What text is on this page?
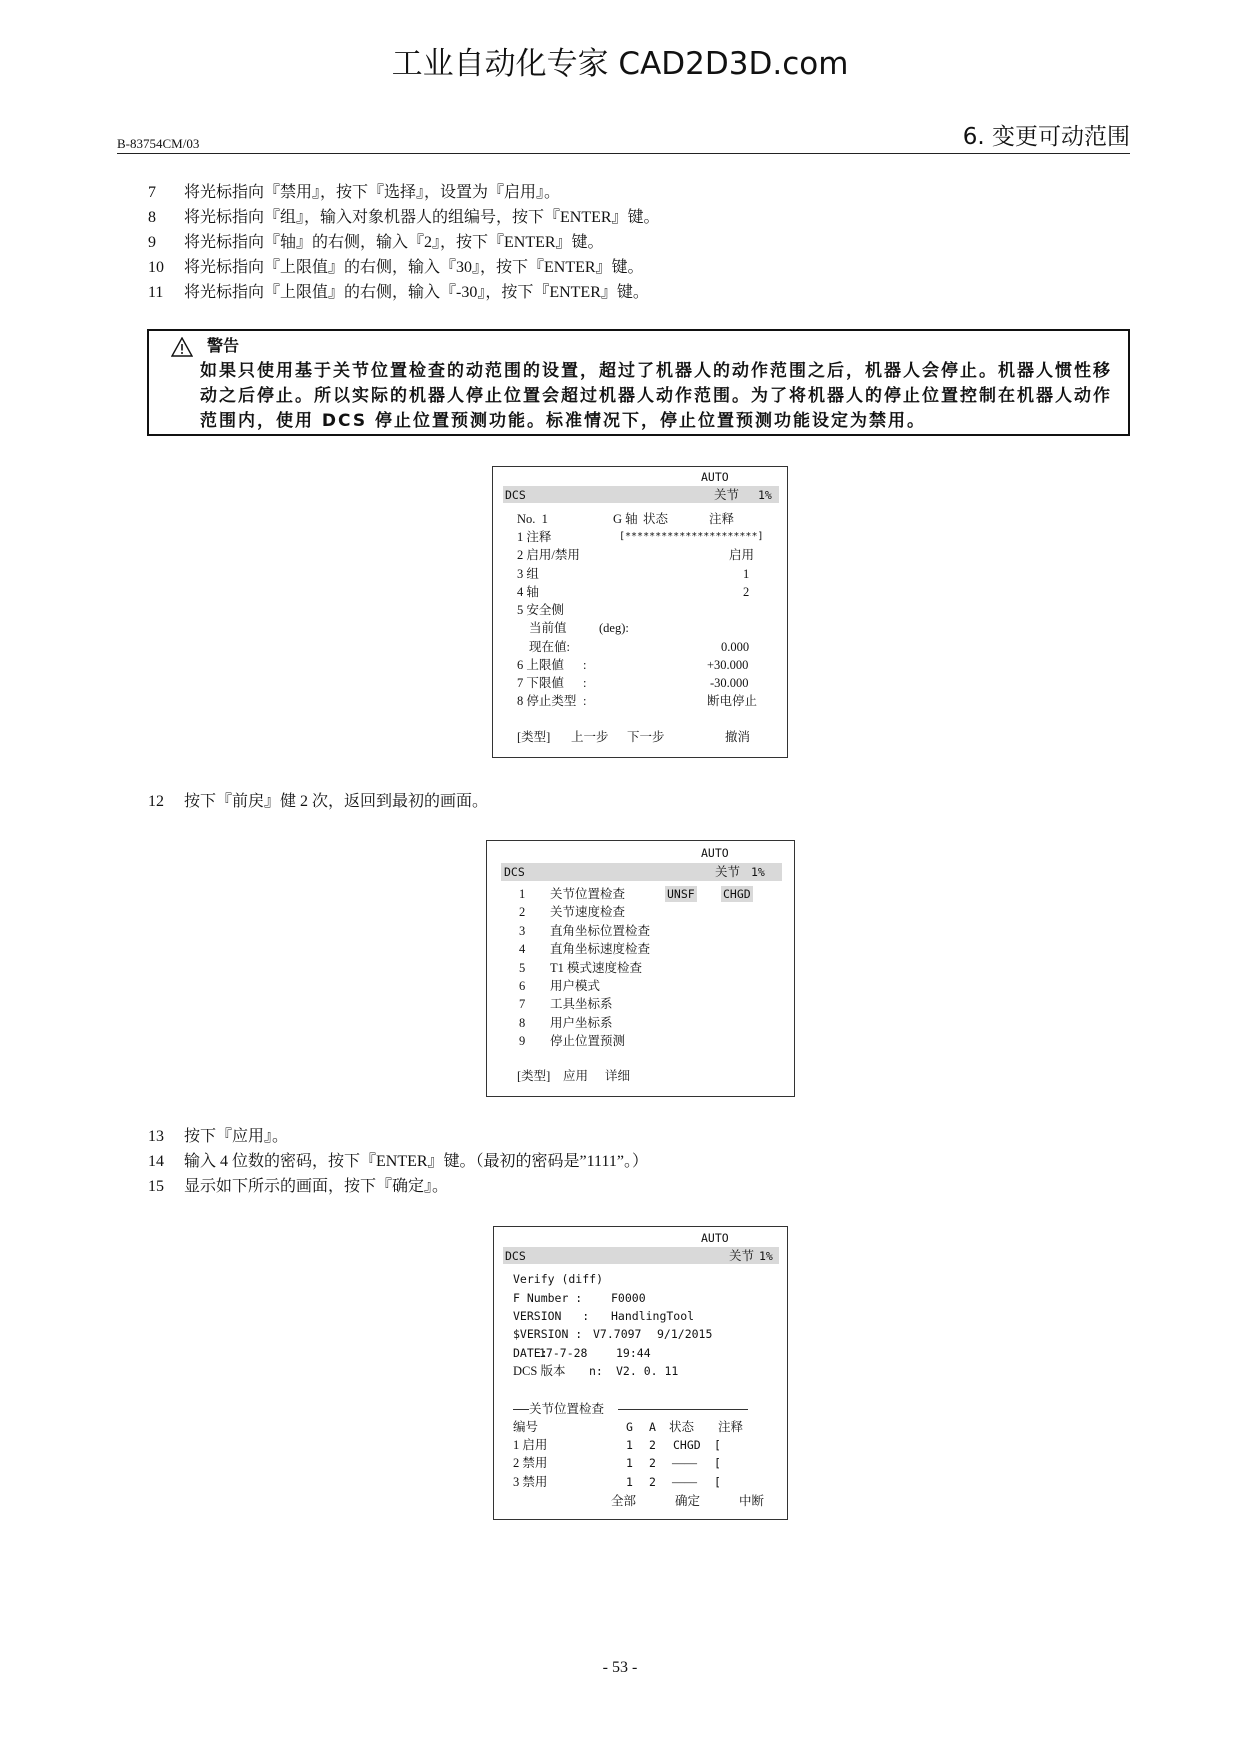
工业自动化专家 CAD2D3D.com
B-83754CM/03	6. 变更可动范围
7 将光标指向『禁用』，按下『选择』，设置为『启用』。
8 将光标指向『组』，输入对象机器人的组编号，按下『ENTER』键。
9 将光标指向『轴』的右侧，输入『2』，按下『ENTER』键。
10 将光标指向『上限值』的右侧，输入『30』，按下『ENTER』键。
11 将光标指向『上限值』的右侧，输入『-30』，按下『ENTER』键。
警告
如果只使用基于关节位置检查的动范围的设置，超过了机器人的动作范围之后，机器人会停止。机器人惯性移
动之后停止。所以实际的机器人停止位置会超过机器人动作范围。为了将机器人的停止位置控制在机器人动作
范围内，使用 DCS 停止位置预测功能。标准情况下，停止位置预测功能设定为禁用。
AUTO
DCS	关节 1%
No.  1	G 轴 状态	注释
1 注释	[**********************]
2 启用/禁用	启用
3 组	1
4 轴	2
5 安全侧
当前值	(deg):
现在値:	0.000
6 上限値 :	+30.000
7 下限値 :	-30.000
8 停止类型 :	断电停止
[类型] 上一步 下一步	撤消
12 按下『前戻』健 2 次，返回到最初的画面。
AUTO
DCS	关节 1%
1 关节位置检查	UNSF CHGD
2 关节速度检查
3 直角坐标位置检查
4 直角坐标速度检查
5 T1 模式速度检查
6 用户模式
7 工具坐标系
8 用户坐标系
9 停止位置预测
[类型] 应用 详细
13 按下『应用』。
14 输入 4 位数的密码，按下『ENTER』键。（最初的密码是”1111”。）
15 显示如下所示的画面，按下『确定』。
AUTO
DCS	关节 1%
Verify (diff)
F Number :	F0000
VERSION   : HandlingTool
$VERSION : V7.7097 9/1/2015
DATE:
17-7-28 19:44
DCS 版本 n: V2. 0. 11
关节位置检查
编号	G A 状态 注释
1 启用	1 2 CHGD [
2 禁用	1 2 —— [
3 禁用	1 2 —— [
全部	确定	中断
- 53 -
